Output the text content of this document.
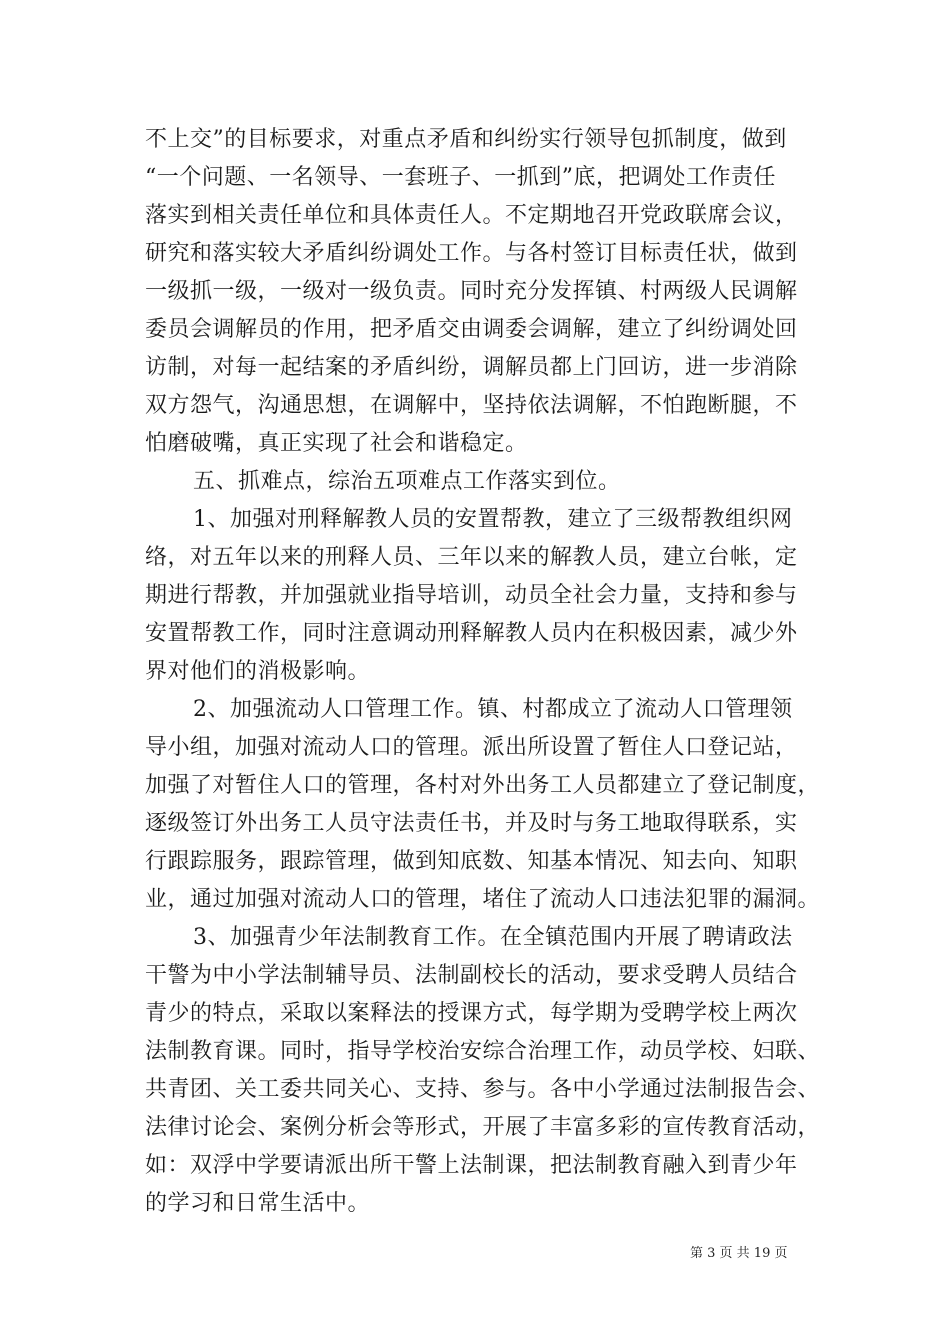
不上交”的目标要求，对重点矛盾和纠纷实行领导包抓制度，做到
“一个问题、一名领导、一套班子、一抓到”底，把调处工作责任
落实到相关责任单位和具体责任人。不定期地召开党政联席会议，
研究和落实较大矛盾纠纷调处工作。与各村签订目标责任状，做到
一级抓一级，一级对一级负责。同时充分发挥镇、村两级人民调解
委员会调解员的作用，把矛盾交由调委会调解，建立了纠纷调处回
访制，对每一起结案的矛盾纠纷，调解员都上门回访，进一步消除
双方怨气，沟通思想，在调解中，坚持依法调解，不怕跑断腿，不
怕磨破嘴，真正实现了社会和谐稳定。
五、抓难点，综治五项难点工作落实到位。
1、加强对刑释解教人员的安置帮教，建立了三级帮教组织网
络，对五年以来的刑释人员、三年以来的解教人员，建立台帐，定
期进行帮教，并加强就业指导培训，动员全社会力量，支持和参与
安置帮教工作，同时注意调动刑释解教人员内在积极因素，减少外
界对他们的消极影响。
2、加强流动人口管理工作。镇、村都成立了流动人口管理领
导小组，加强对流动人口的管理。派出所设置了暂住人口登记站，
加强了对暂住人口的管理，各村对外出务工人员都建立了登记制度，
逐级签订外出务工人员守法责任书，并及时与务工地取得联系，实
行跟踪服务，跟踪管理，做到知底数、知基本情况、知去向、知职
业，通过加强对流动人口的管理，堵住了流动人口违法犯罪的漏洞。
3、加强青少年法制教育工作。在全镇范围内开展了聘请政法
干警为中小学法制辅导员、法制副校长的活动，要求受聘人员结合
青少的特点，采取以案释法的授课方式，每学期为受聘学校上两次
法制教育课。同时，指导学校治安综合治理工作，动员学校、妇联、
共青团、关工委共同关心、支持、参与。各中小学通过法制报告会、
法律讨论会、案例分析会等形式，开展了丰富多彩的宣传教育活动，
如：双浮中学要请派出所干警上法制课，把法制教育融入到青少年
的学习和日常生活中。
第 3 页 共 19 页
